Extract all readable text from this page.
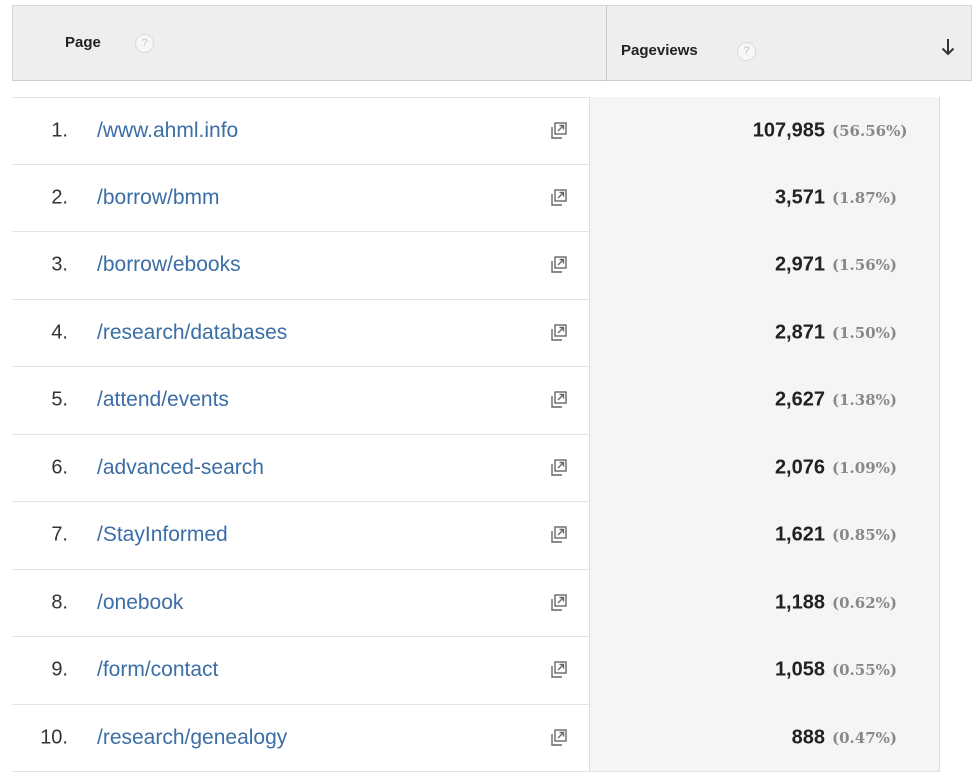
Page	?	Pageviews	?
1. /www.ahml.info	107,985 (56.56%)
2. /borrow/bmm	3,571 (1.87%)
3. /borrow/ebooks	2,971 (1.56%)
4. /research/databases	2,871 (1.50%)
5. /attend/events	2,627 (1.38%)
6. /advanced-search	2,076 (1.09%)
7. /StayInformed	1,621 (0.85%)
8. /onebook	1,188 (0.62%)
9. /form/contact	1,058 (0.55%)
10. /research/genealogy	888 (0.47%)
